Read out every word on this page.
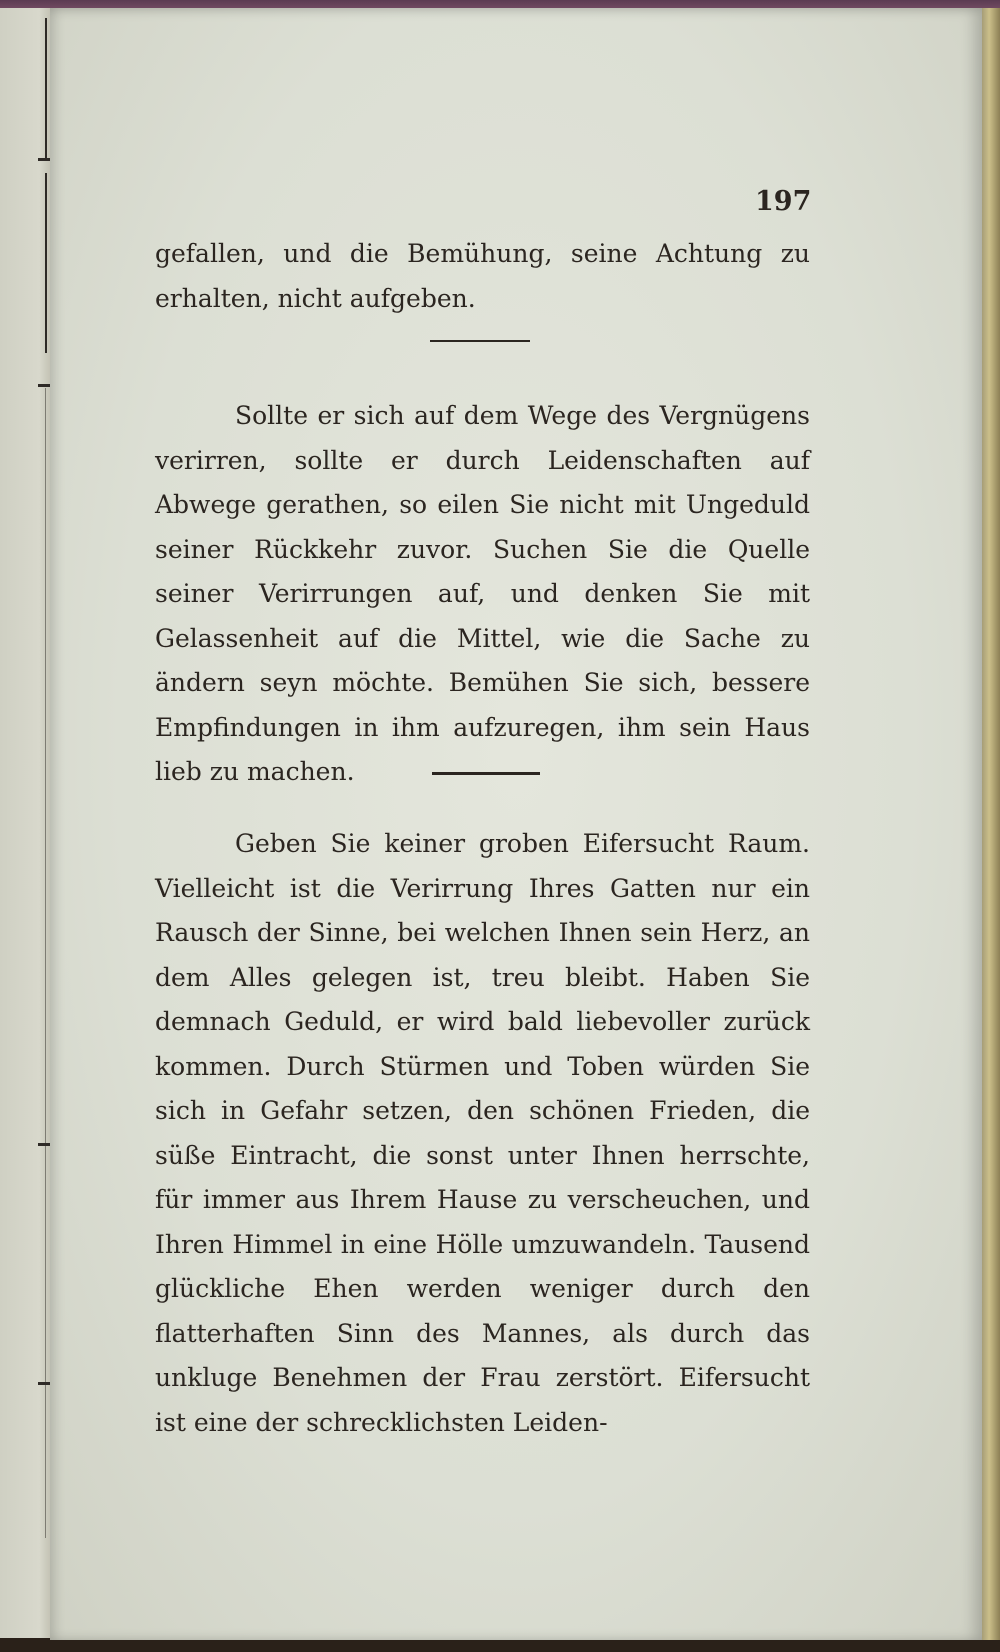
197

gefallen, und die Bemühung, seine Achtung zu erhalten, nicht aufgeben.

Sollte er sich auf dem Wege des Vergnügens verirren, sollte er durch Leidenschaften auf Abwege gerathen, so eilen Sie nicht mit Ungeduld seiner Rückkehr zuvor. Suchen Sie die Quelle seiner Verirrungen auf, und denken Sie mit Gelassenheit auf die Mittel, wie die Sache zu ändern seyn möchte. Bemühen Sie sich, bessere Empfindungen in ihm aufzuregen, ihm sein Haus lieb zu machen.

Geben Sie keiner groben Eifersucht Raum. Vielleicht ist die Verirrung Ihres Gatten nur ein Rausch der Sinne, bei welchen Ihnen sein Herz, an dem Alles gelegen ist, treu bleibt. Haben Sie demnach Geduld, er wird bald liebevoller zurück kommen. Durch Stürmen und Toben würden Sie sich in Gefahr setzen, den schönen Frieden, die süße Eintracht, die sonst unter Ihnen herrschte, für immer aus Ihrem Hause zu verscheuchen, und Ihren Himmel in eine Hölle umzuwandeln. Tausend glückliche Ehen werden weniger durch den flatterhaften Sinn des Mannes, als durch das unkluge Benehmen der Frau zerstört. Eifersucht ist eine der schrecklichsten Leiden-
